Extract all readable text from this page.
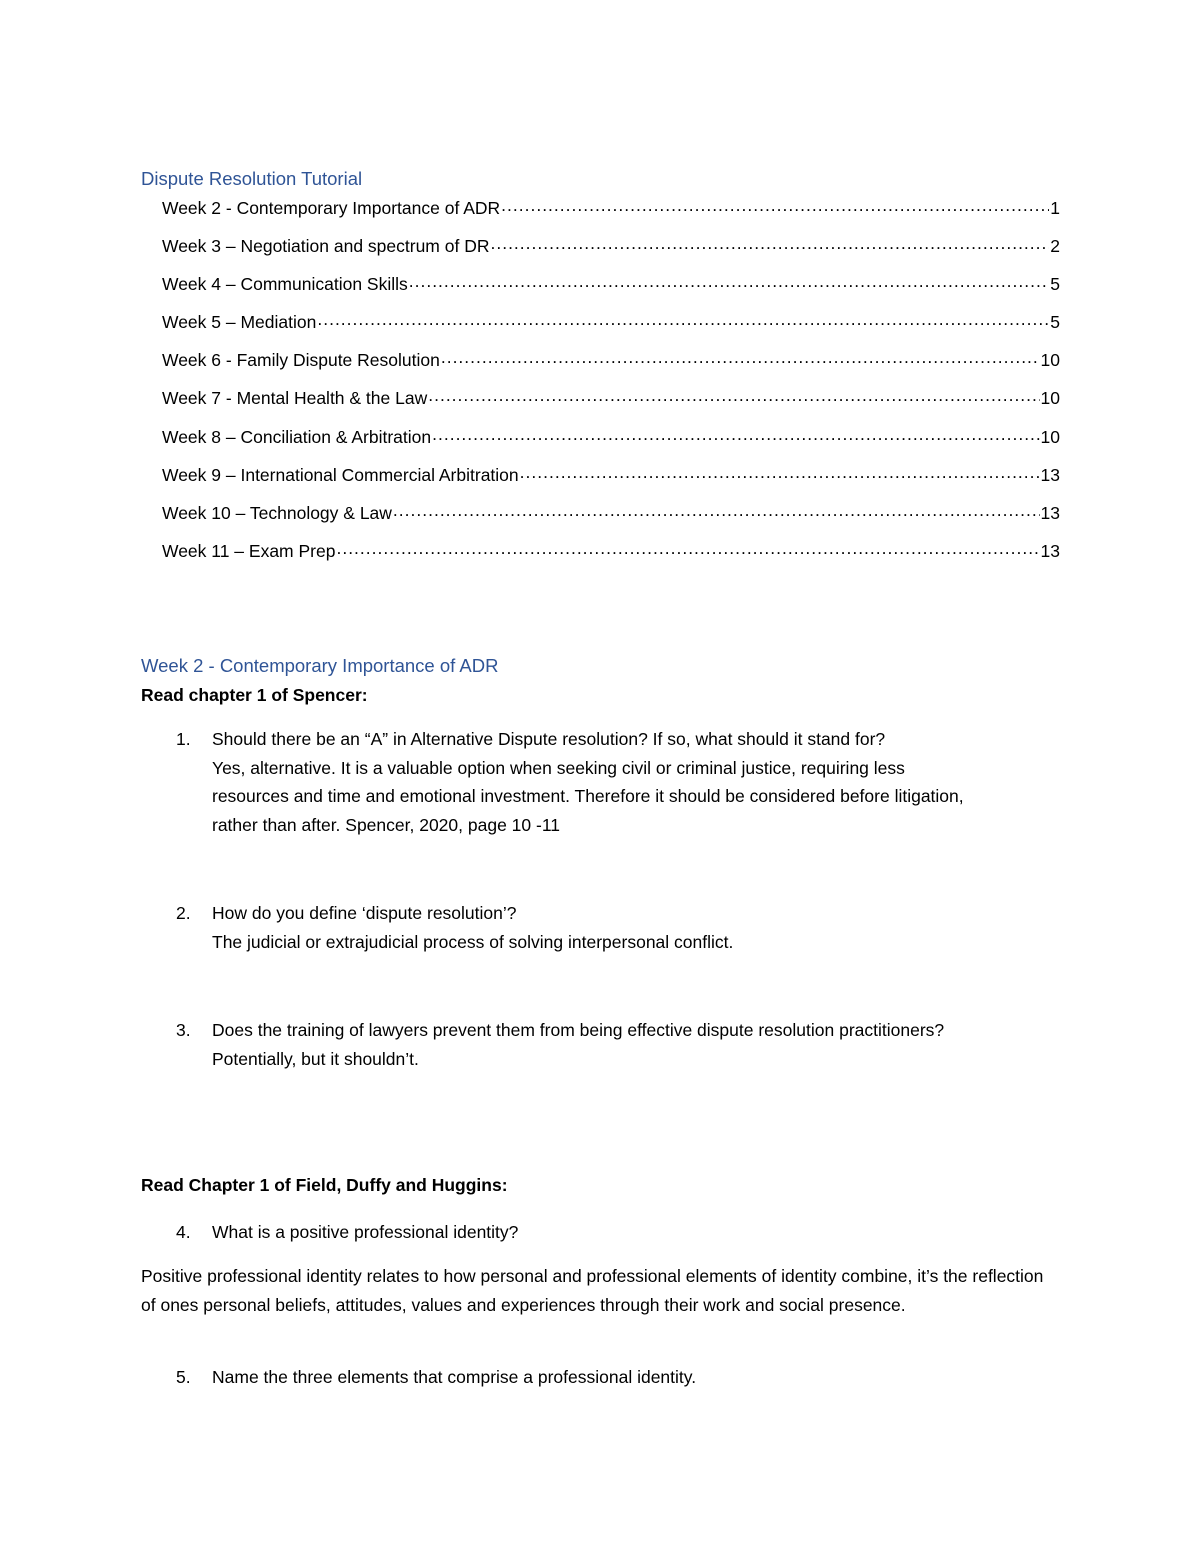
Dispute Resolution Tutorial
Week 2 - Contemporary Importance of ADR .....	1
Week 3 – Negotiation and spectrum of DR .....	2
Week 4 – Communication Skills .....	5
Week 5 – Mediation .....	5
Week 6 - Family Dispute Resolution .....	10
Week 7 - Mental Health & the Law .....	10
Week 8 – Conciliation & Arbitration .....	10
Week 9 – International Commercial Arbitration .....	13
Week 10 – Technology & Law .....	13
Week 11 – Exam Prep .....	13
Week 2 - Contemporary Importance of ADR
Read chapter 1 of Spencer:
1.	Should there be an “A” in Alternative Dispute resolution? If so, what should it stand for?
Yes, alternative. It is a valuable option when seeking civil or criminal justice, requiring less resources and time and emotional investment. Therefore it should be considered before litigation, rather than after. Spencer, 2020, page 10 -11
2.	How do you define ‘dispute resolution’?
The judicial or extrajudicial process of solving interpersonal conflict.
3.	Does the training of lawyers prevent them from being effective dispute resolution practitioners?
Potentially, but it shouldn’t.
Read Chapter 1 of Field, Duffy and Huggins:
4.	What is a positive professional identity?
Positive professional identity relates to how personal and professional elements of identity combine, it’s the reflection of ones personal beliefs, attitudes, values and experiences through their work and social presence.
5.	Name the three elements that comprise a professional identity.
